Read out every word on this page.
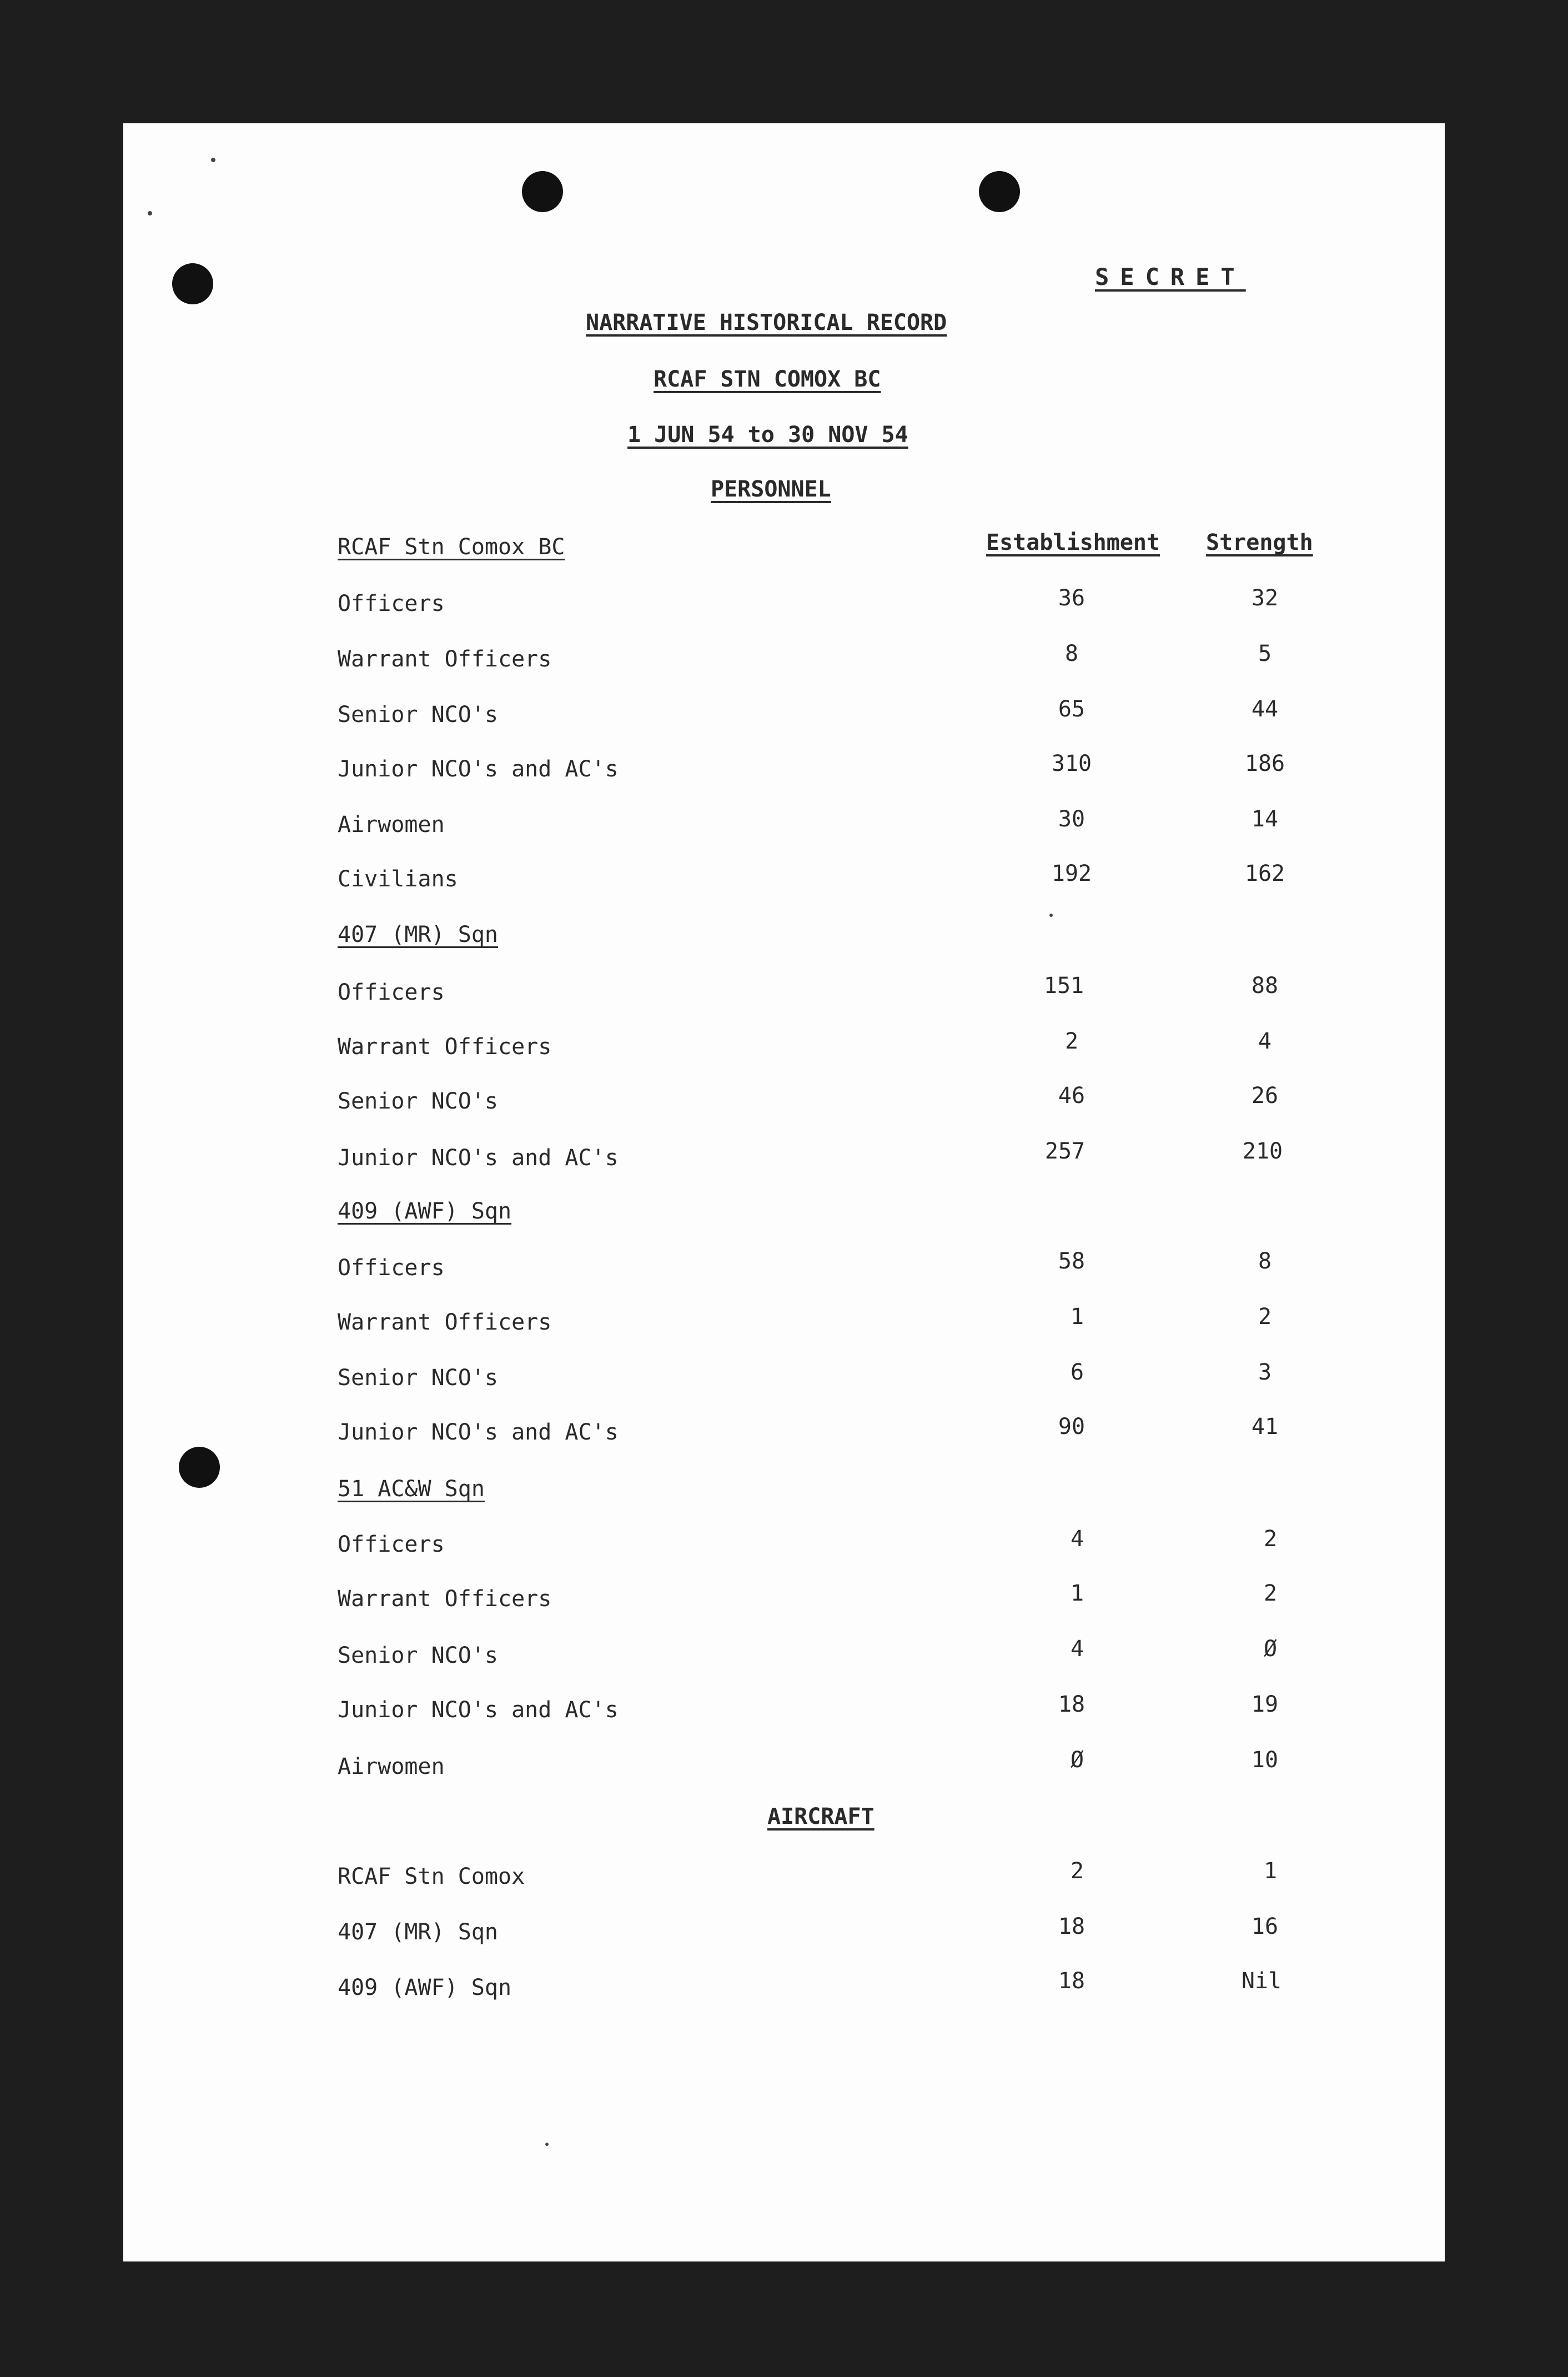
SECRET
NARRATIVE HISTORICAL RECORD
RCAF STN COMOX BC
1 JUN 54 to 30 NOV 54
PERSONNEL
Establishment Strength
RCAF Stn Comox BC
Officers	36	32
Warrant Officers	8	5
Senior NCO's	65	44
Junior NCO's and AC's	310	186
Airwomen	30	14
Civilians	192	162
407 (MR) Sqn
Officers	151	88
Warrant Officers	2	4
Senior NCO's	46	26
Junior NCO's and AC's	257	210
409 (AWF) Sqn
Officers	58	8
Warrant Officers	1	2
Senior NCO's	6	3
Junior NCO's and AC's	90	41
51 AC&W Sqn
Officers	4	2
Warrant Officers	1	2
Senior NCO's	4	Ø
Junior NCO's and AC's	18	19
Airwomen	Ø	10
AIRCRAFT
RCAF Stn Comox	2	1
407 (MR) Sqn	18	16
409 (AWF) Sqn	18	Nil
